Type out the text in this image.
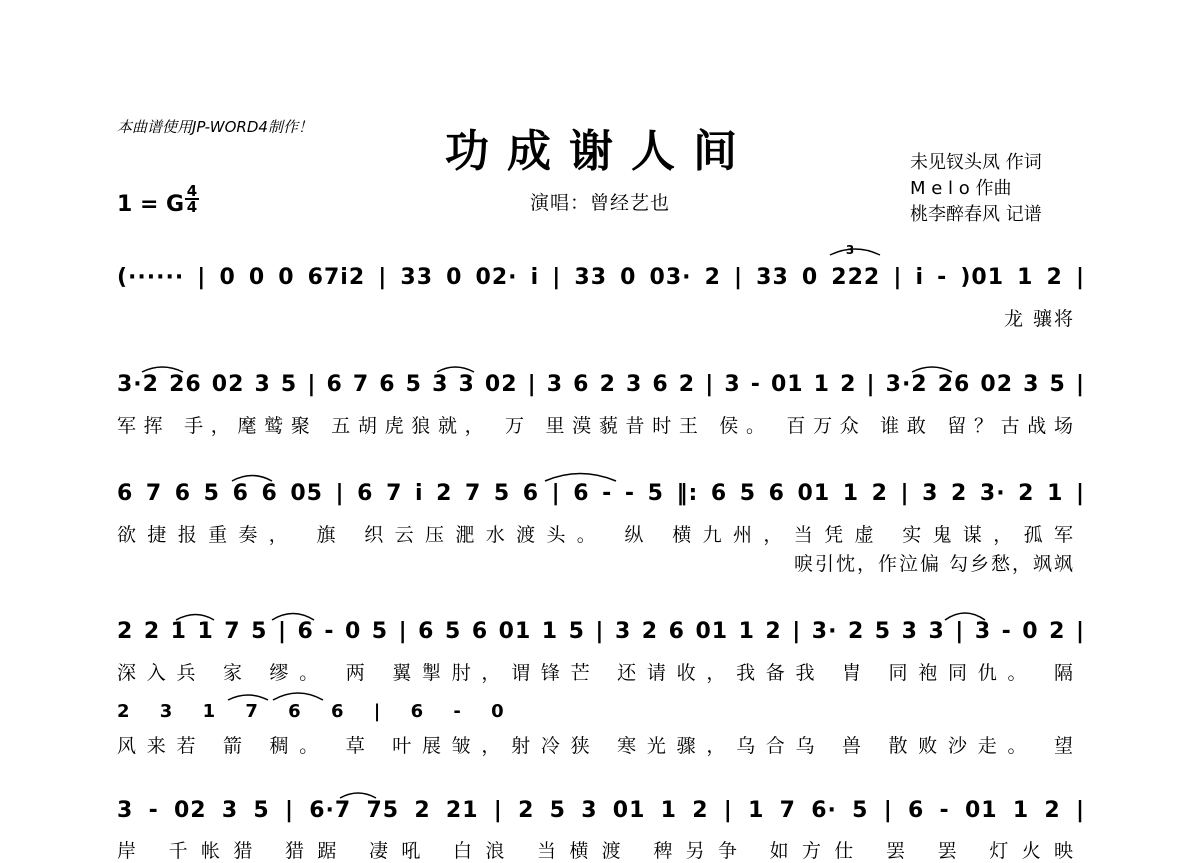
本曲谱使用JP-WORD4制作！	功成谢人间
演唱：曾经艺也
未见钗头凤 作词
M e l o 作曲
桃李醉春风 记谱
1 = G
4
4
(······ | 0 0 0 67i2 | 33 0 02· i | 33 0 03· 2 | 33 0 222 | i - )01 1 2 |
龙 骧将
3·2 26 02 3 5 | 6 7 6 5 3 3 02 | 3 6 2 3 6 2 | 3 - 01 1 2 | 3·2 26 02 3 5 |
军挥 手，麾鹫聚 五胡虎狼就， 万 里漠藐昔时王 侯。 百万众 谁敢 留？古战场
6 7 6 5 6 6 05 | 6 7 i 2 7 5 6 | 6 - - 5 ‖: 6 5 6 01 1 2 | 3 2 3· 2 1 |
欲捷报重奏， 旗 织云压淝水渡头。 纵 横九州，当凭虚 实鬼谋，孤军
唳引忱，作泣偏 勾乡愁，飒飒
2 2 1 1 7 5 | 6 - 0 5 | 6 5 6 01 1 5 | 3 2 6 01 1 2 | 3· 2 5 3 3 | 3 - 0 2 |
深入兵 家 缪。 两 翼掣肘，谓锋芒 还请收，我备我 胄 同袍同仇。 隔
2 3 1 7 6 6 | 6 - 0
风来若 箭 稠。 草 叶展皱，射冷狭 寒光骤，乌合乌 兽 散败沙走。 望
3 - 02 3 5 | 6·7 75 2 21 | 2 5 3 01 1 2 | 1 7 6· 5 | 6 - 01 1 2 |
岸 千帐猎 猎踞 凄吼 白浪 当横渡 稗另争 如方仕 罢 罢 灯火映
3
